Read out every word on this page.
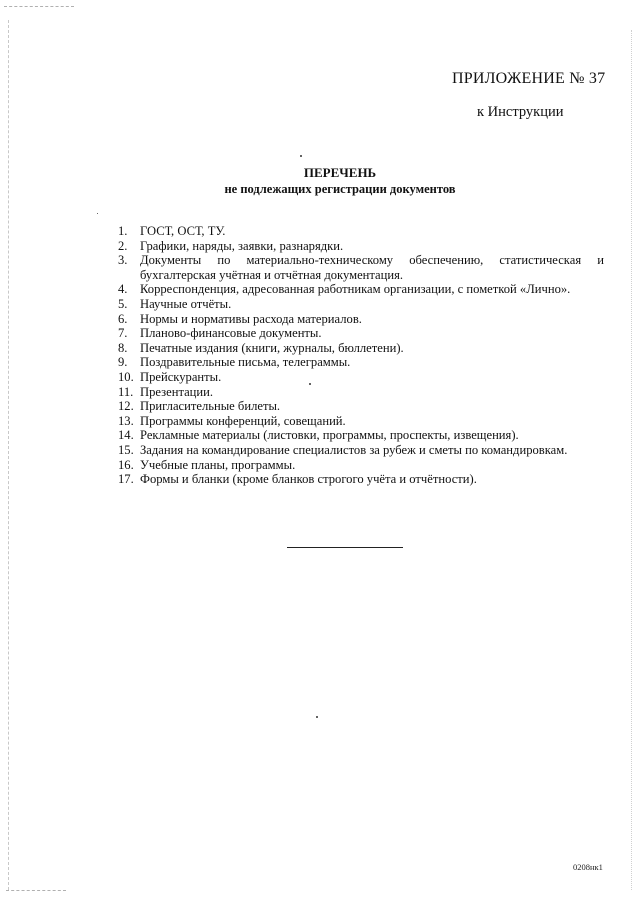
ПРИЛОЖЕНИЕ № 37
к Инструкции
ПЕРЕЧЕНЬ
не подлежащих регистрации документов
1. ГОСТ, ОСТ, ТУ.
2. Графики, наряды, заявки, разнарядки.
3. Документы по материально-техническому обеспечению, статистическая и бухгалтерская учётная и отчётная документация.
4. Корреспонденция, адресованная работникам организации, с пометкой «Лично».
5. Научные отчёты.
6. Нормы и нормативы расхода материалов.
7. Планово-финансовые документы.
8. Печатные издания (книги, журналы, бюллетени).
9. Поздравительные письма, телеграммы.
10. Прейскуранты.
11. Презентации.
12. Пригласительные билеты.
13. Программы конференций, совещаний.
14. Рекламные материалы (листовки, программы, проспекты, извещения).
15. Задания на командирование специалистов за рубеж и сметы по командировкам.
16. Учебные планы, программы.
17. Формы и бланки (кроме бланков строгого учёта и отчётности).
0208нк1
